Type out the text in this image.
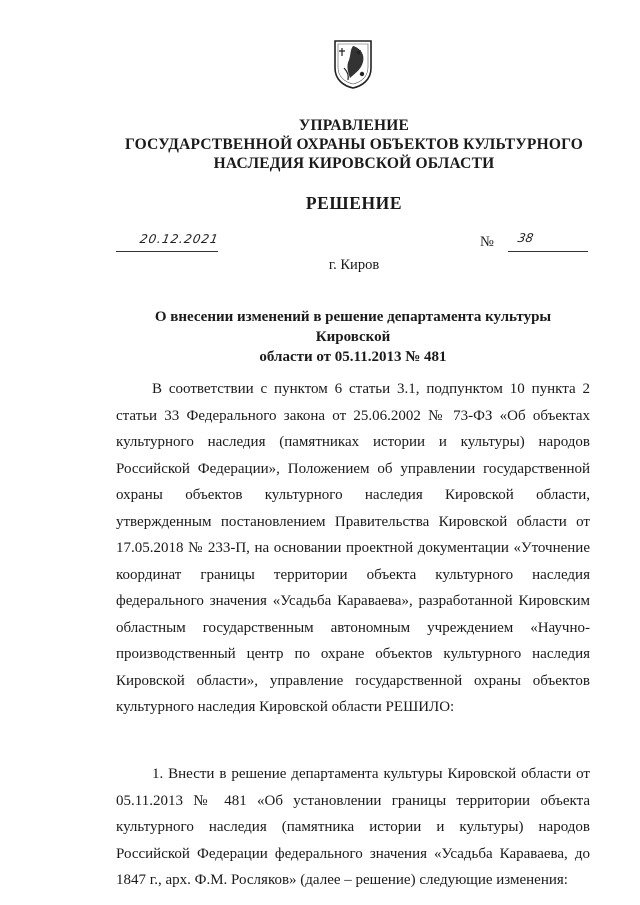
УПРАВЛЕНИЕ
ГОСУДАРСТВЕННОЙ ОХРАНЫ ОБЪЕКТОВ КУЛЬТУРНОГО
НАСЛЕДИЯ КИРОВСКОЙ ОБЛАСТИ
РЕШЕНИЕ
20.12.2021	№ 38
г. Киров
О внесении изменений в решение департамента культуры Кировской
области от 05.11.2013 № 481

В соответствии с пунктом 6 статьи 3.1, подпунктом 10 пункта 2 статьи 33 Федерального закона от 25.06.2002 № 73-ФЗ «Об объектах культурного наследия (памятниках истории и культуры) народов Российской Федерации», Положением об управлении государственной охраны объектов культурного наследия Кировской области, утвержденным постановлением Правительства Кировской области от 17.05.2018 № 233-П, на основании проектной документации «Уточнение координат границы территории объекта культурного наследия федерального значения «Усадьба Караваева», разработанной Кировским областным государственным автономным учреждением «Научно-производственный центр по охране объектов культурного наследия Кировской области», управление государственной охраны объектов культурного наследия Кировской области РЕШИЛО:

1. Внести в решение департамента культуры Кировской области от 05.11.2013 № 481 «Об установлении границы территории объекта культурного наследия (памятника истории и культуры) народов Российской Федерации федерального значения «Усадьба Караваева, до 1847 г., арх. Ф.М. Росляков» (далее – решение) следующие изменения:
